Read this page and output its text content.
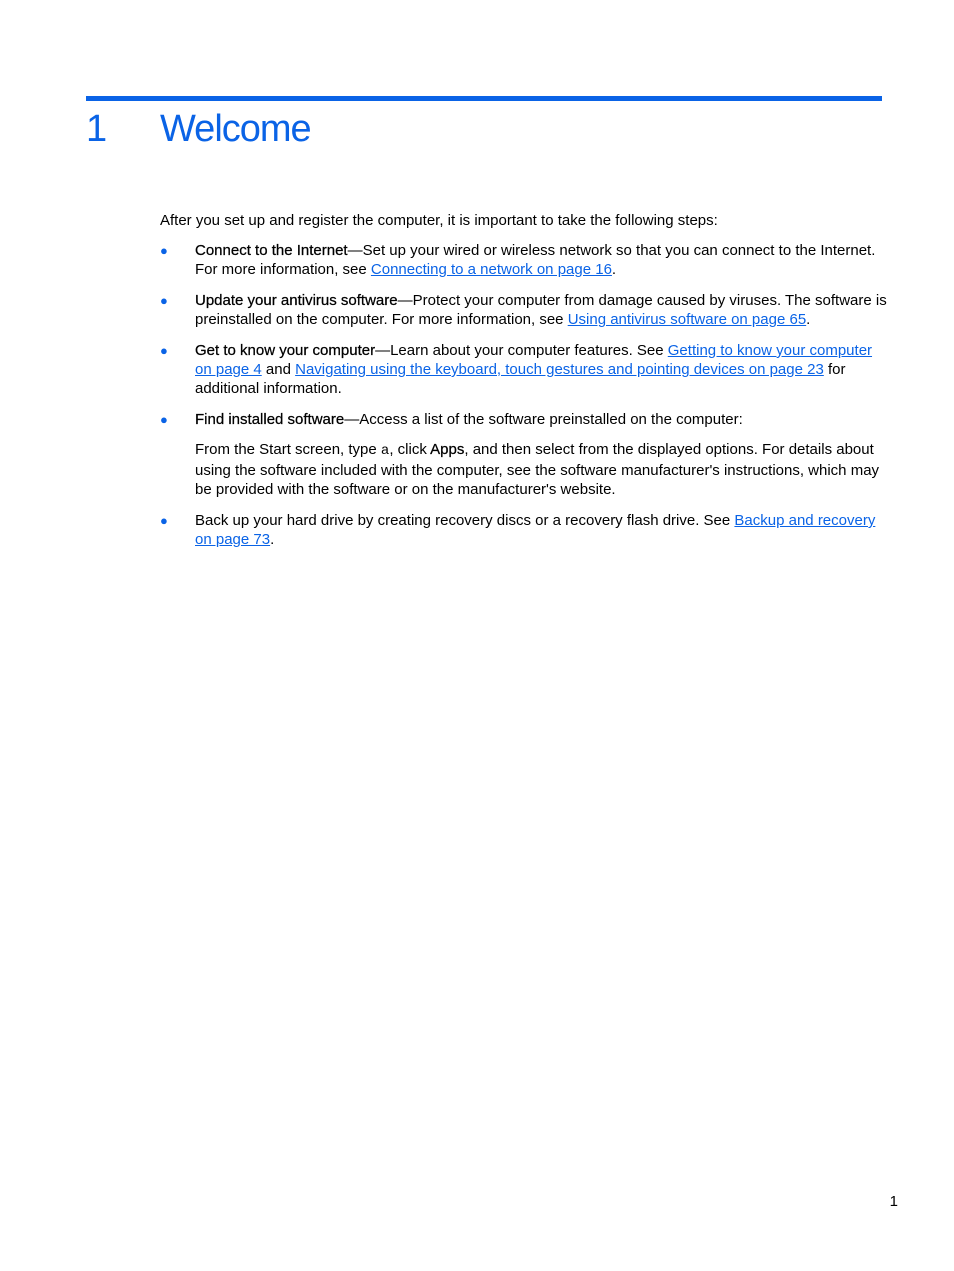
1 Welcome

After you set up and register the computer, it is important to take the following steps:

●	Connect to the Internet—Set up your wired or wireless network so that you can connect to the Internet. For more information, see Connecting to a network on page 16.

●	Update your antivirus software—Protect your computer from damage caused by viruses. The software is preinstalled on the computer. For more information, see Using antivirus software on page 65.

●	Get to know your computer—Learn about your computer features. See Getting to know your computer on page 4 and Navigating using the keyboard, touch gestures and pointing devices on page 23 for additional information.

●	Find installed software—Access a list of the software preinstalled on the computer:

From the Start screen, type a, click Apps, and then select from the displayed options. For details about using the software included with the computer, see the software manufacturer's instructions, which may be provided with the software or on the manufacturer's website.

●	Back up your hard drive by creating recovery discs or a recovery flash drive. See Backup and recovery on page 73.

1
